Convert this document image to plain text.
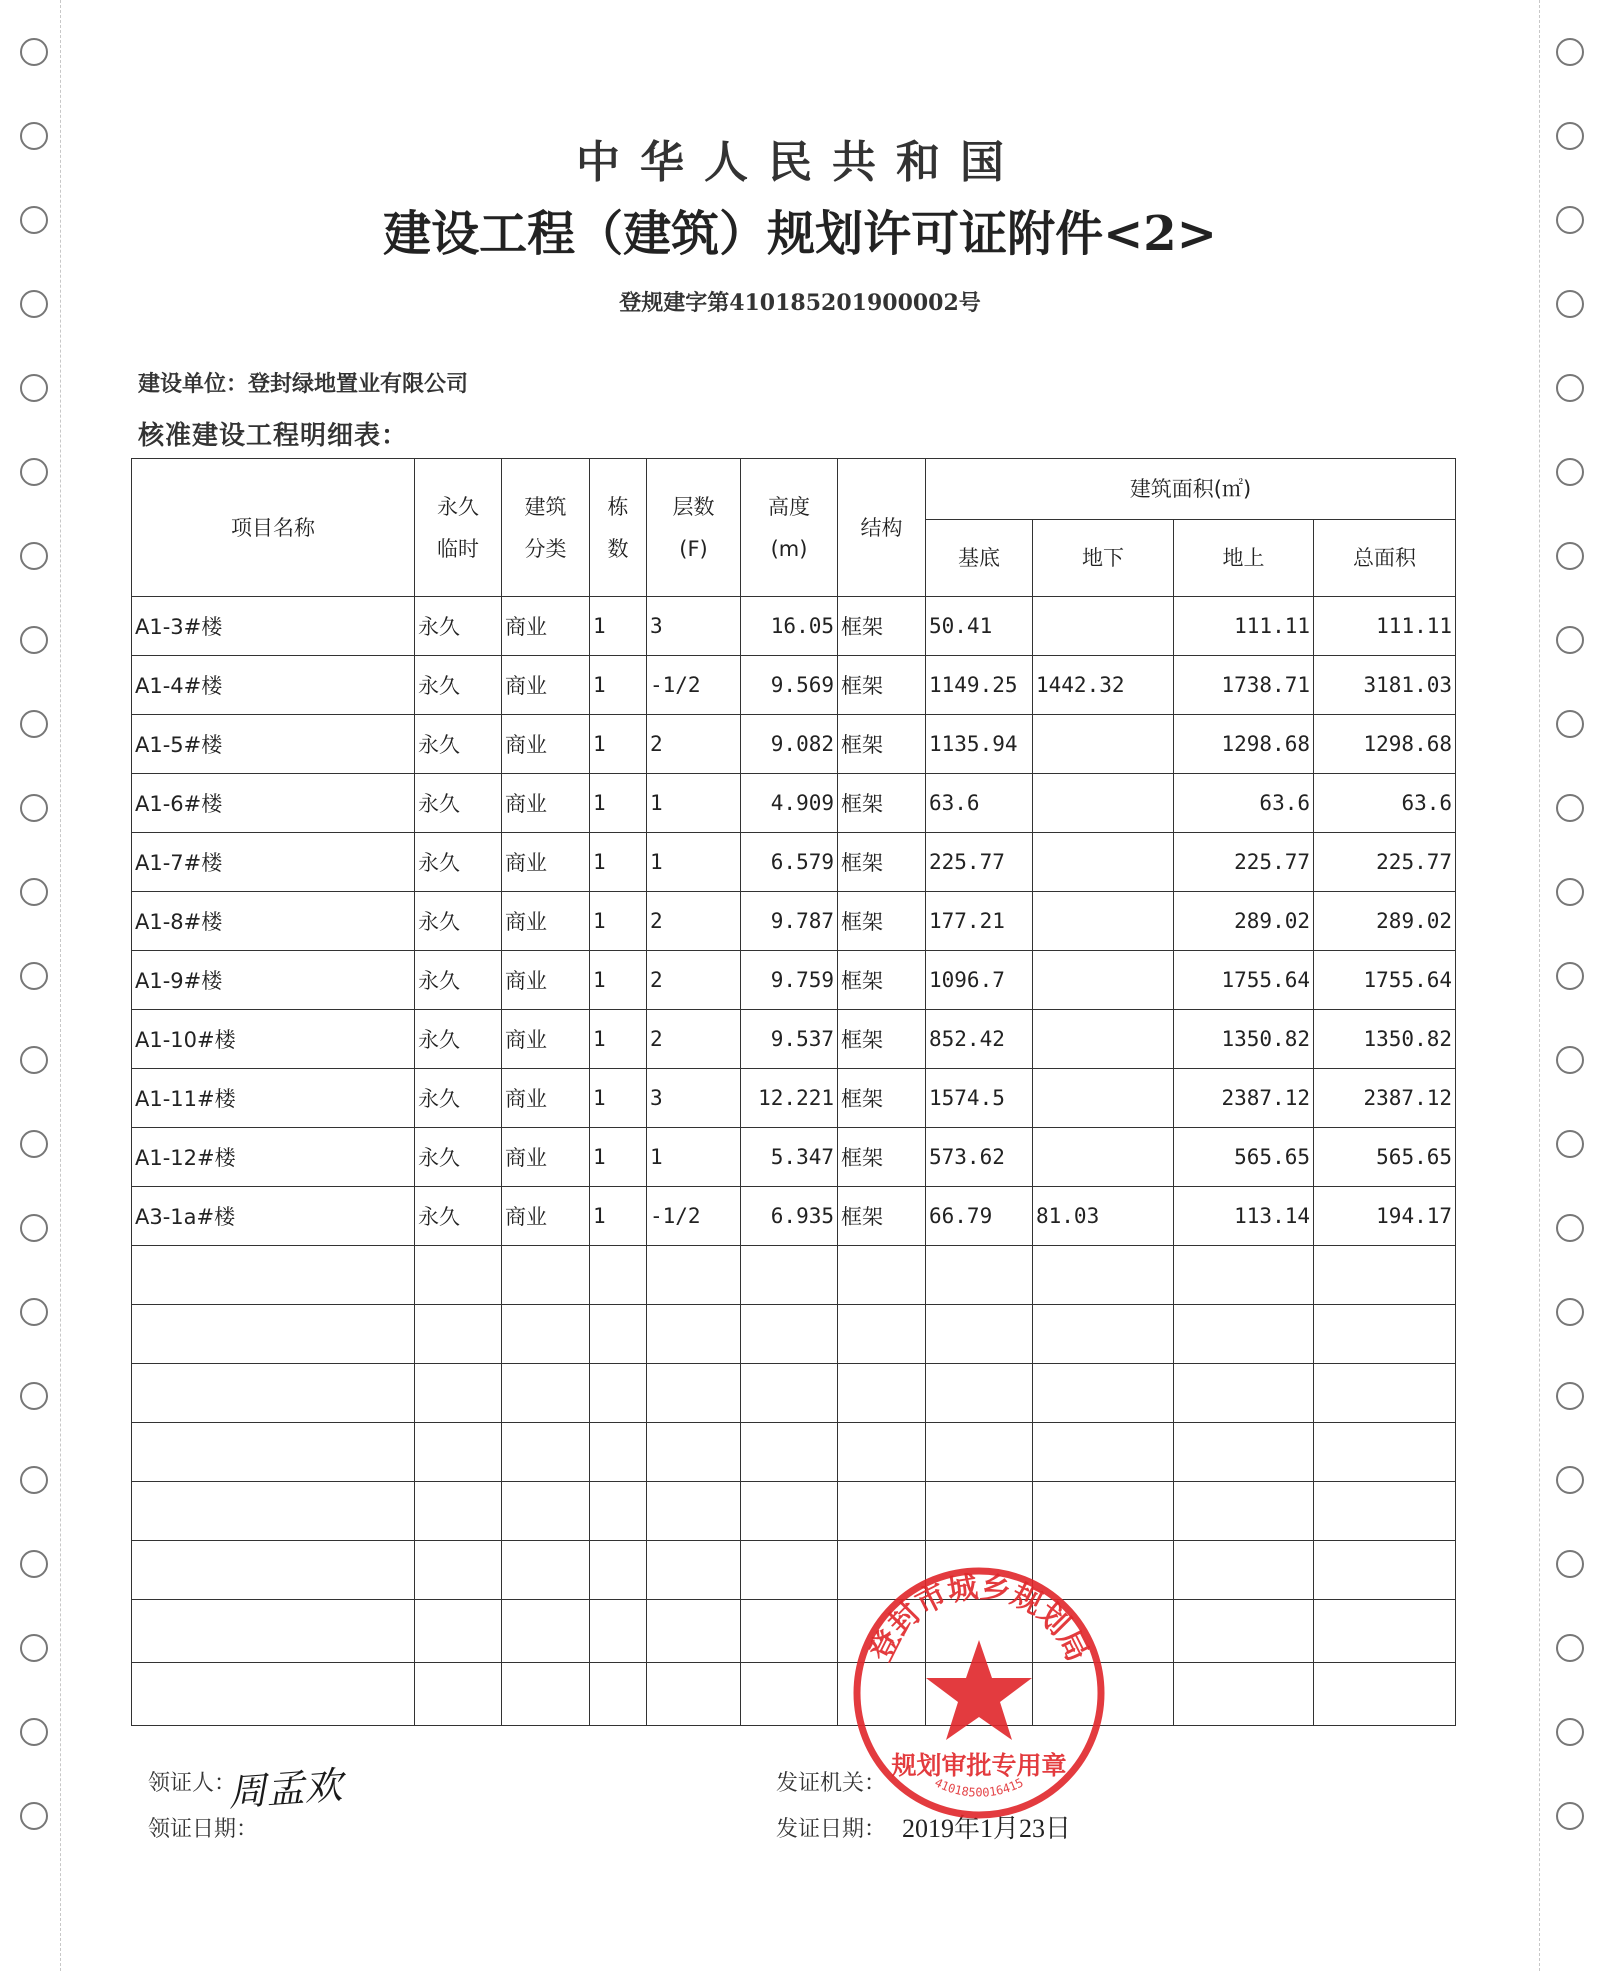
中华人民共和国
建设工程（建筑）规划许可证附件<2>
登规建字第410185201900002号
建设单位：登封绿地置业有限公司
核准建设工程明细表：
项目名称	永久临时	建筑分类	栋数	层数(F)	高度(m)	结构	建筑面积(㎡)			
							基底	地下	地上	总面积
A1-3#楼	永久	商业	1	3	16.05	框架	50.41		111.11	111.11
A1-4#楼	永久	商业	1	-1/2	9.569	框架	1149.25	1442.32	1738.71	3181.03
A1-5#楼	永久	商业	1	2	9.082	框架	1135.94		1298.68	1298.68
A1-6#楼	永久	商业	1	1	4.909	框架	63.6		63.6	63.6
A1-7#楼	永久	商业	1	1	6.579	框架	225.77		225.77	225.77
A1-8#楼	永久	商业	1	2	9.787	框架	177.21		289.02	289.02
A1-9#楼	永久	商业	1	2	9.759	框架	1096.7		1755.64	1755.64
A1-10#楼	永久	商业	1	2	9.537	框架	852.42		1350.82	1350.82
A1-11#楼	永久	商业	1	3	12.221	框架	1574.5		2387.12	2387.12
A1-12#楼	永久	商业	1	1	5.347	框架	573.62		565.65	565.65
A3-1a#楼	永久	商业	1	-1/2	6.935	框架	66.79	81.03	113.14	194.17

领证人：
周孟欢
领证日期：
发证机关：
发证日期： 2019年1月23日
登封市城乡规划局
规划审批专用章
4101850016415
